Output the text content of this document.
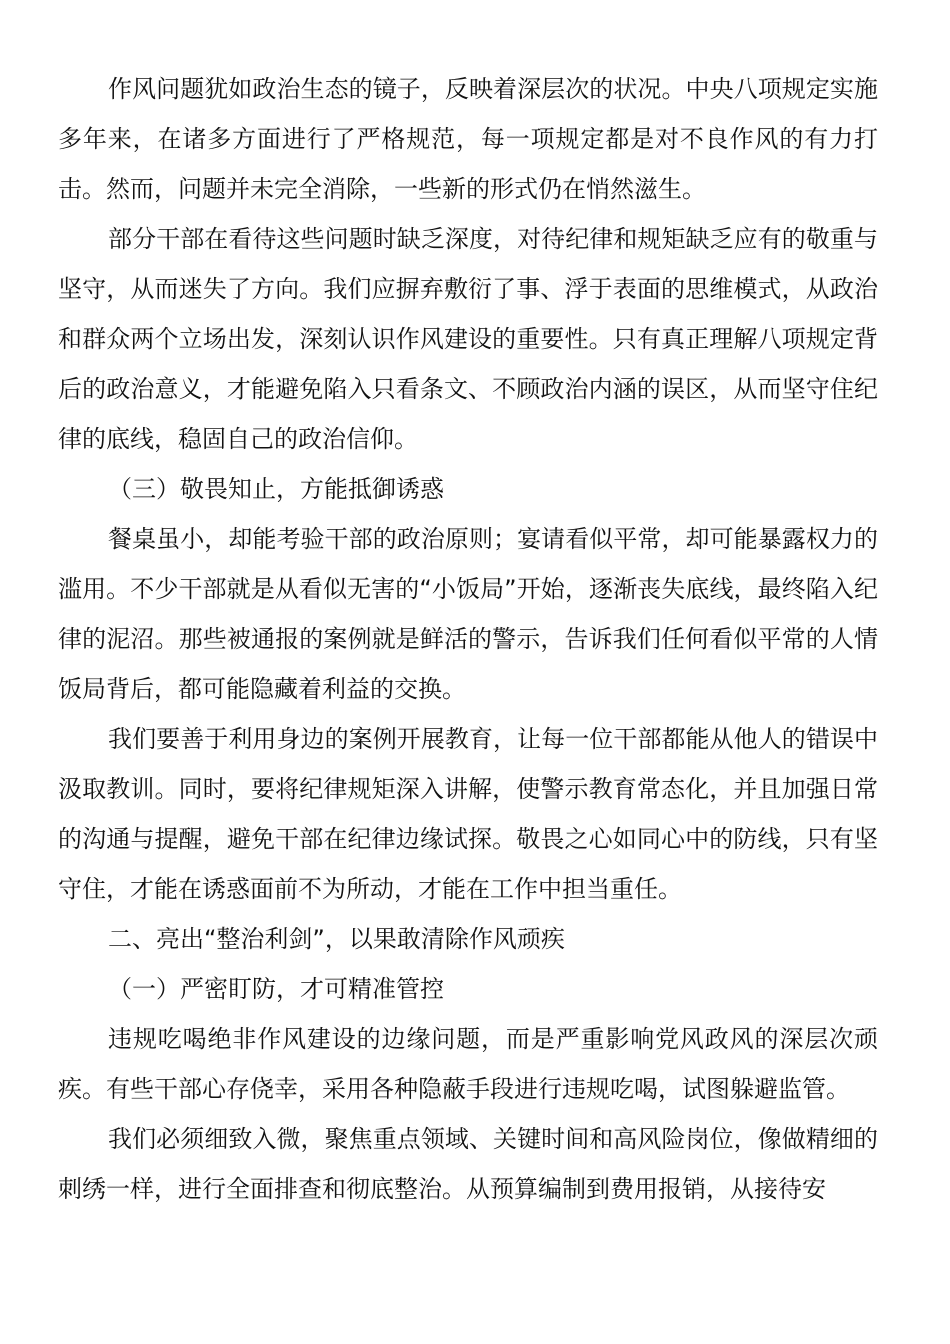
作风问题犹如政治生态的镜子，反映着深层次的状况。中央八项规定实施多年来，在诸多方面进行了严格规范，每一项规定都是对不良作风的有力打击。然而，问题并未完全消除，一些新的形式仍在悄然滋生。

部分干部在看待这些问题时缺乏深度，对待纪律和规矩缺乏应有的敬重与坚守，从而迷失了方向。我们应摒弃敷衍了事、浮于表面的思维模式，从政治和群众两个立场出发，深刻认识作风建设的重要性。只有真正理解八项规定背后的政治意义，才能避免陷入只看条文、不顾政治内涵的误区，从而坚守住纪律的底线，稳固自己的政治信仰。

（三）敬畏知止，方能抵御诱惑

餐桌虽小，却能考验干部的政治原则；宴请看似平常，却可能暴露权力的滥用。不少干部就是从看似无害的“小饭局”开始，逐渐丧失底线，最终陷入纪律的泥沼。那些被通报的案例就是鲜活的警示，告诉我们任何看似平常的人情饭局背后，都可能隐藏着利益的交换。

我们要善于利用身边的案例开展教育，让每一位干部都能从他人的错误中汲取教训。同时，要将纪律规矩深入讲解，使警示教育常态化，并且加强日常的沟通与提醒，避免干部在纪律边缘试探。敬畏之心如同心中的防线，只有坚守住，才能在诱惑面前不为所动，才能在工作中担当重任。

二、亮出“整治利剑”，以果敢清除作风顽疾

（一）严密盯防，才可精准管控

违规吃喝绝非作风建设的边缘问题，而是严重影响党风政风的深层次顽疾。有些干部心存侥幸，采用各种隐蔽手段进行违规吃喝，试图躲避监管。

我们必须细致入微，聚焦重点领域、关键时间和高风险岗位，像做精细的刺绣一样，进行全面排查和彻底整治。从预算编制到费用报销，从接待安
